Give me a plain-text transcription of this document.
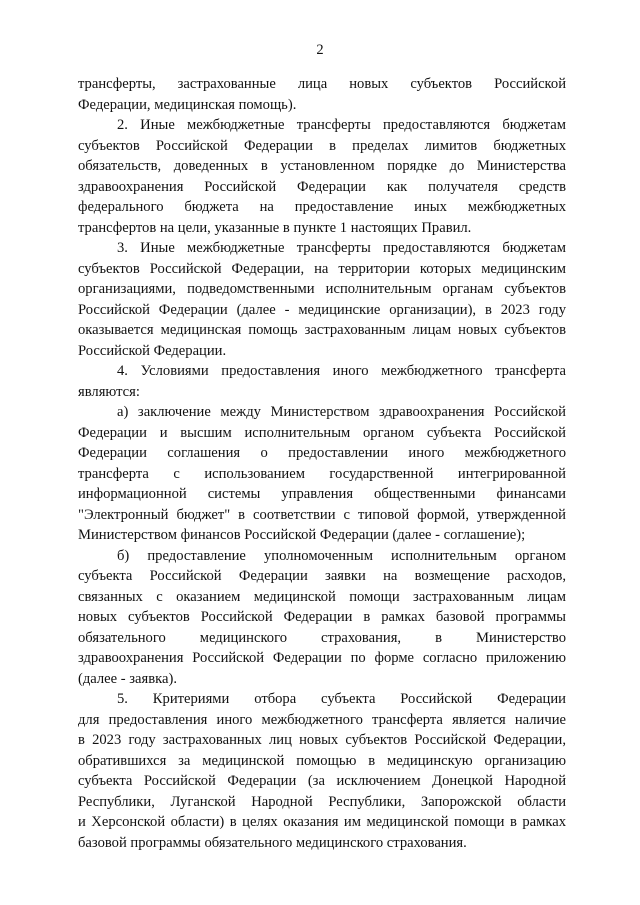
2
трансферты, застрахованные лица новых субъектов Российской
Федерации, медицинская помощь).
2. Иные межбюджетные трансферты предоставляются бюджетам
субъектов Российской Федерации в пределах лимитов бюджетных
обязательств, доведенных в установленном порядке до Министерства
здравоохранения Российской Федерации как получателя средств
федерального бюджета на предоставление иных межбюджетных
трансфертов на цели, указанные в пункте 1 настоящих Правил.
3. Иные межбюджетные трансферты предоставляются бюджетам
субъектов Российской Федерации, на территории которых медицинским
организациями, подведомственными исполнительным органам субъектов
Российской Федерации (далее - медицинские организации), в 2023 году
оказывается медицинская помощь застрахованным лицам новых субъектов
Российской Федерации.
4. Условиями предоставления иного межбюджетного трансферта
являются:
а) заключение между Министерством здравоохранения Российской
Федерации и высшим исполнительным органом субъекта Российской
Федерации соглашения о предоставлении иного межбюджетного
трансферта с использованием государственной интегрированной
информационной системы управления общественными финансами
"Электронный бюджет" в соответствии с типовой формой, утвержденной
Министерством финансов Российской Федерации (далее - соглашение);
б) предоставление уполномоченным исполнительным органом
субъекта Российской Федерации заявки на возмещение расходов,
связанных с оказанием медицинской помощи застрахованным лицам
новых субъектов Российской Федерации в рамках базовой программы
обязательного медицинского страхования, в Министерство
здравоохранения Российской Федерации по форме согласно приложению
(далее - заявка).
5. Критериями отбора субъекта Российской Федерации
для предоставления иного межбюджетного трансферта является наличие
в 2023 году застрахованных лиц новых субъектов Российской Федерации,
обратившихся за медицинской помощью в медицинскую организацию
субъекта Российской Федерации (за исключением Донецкой Народной
Республики, Луганской Народной Республики, Запорожской области
и Херсонской области) в целях оказания им медицинской помощи в рамках
базовой программы обязательного медицинского страхования.
